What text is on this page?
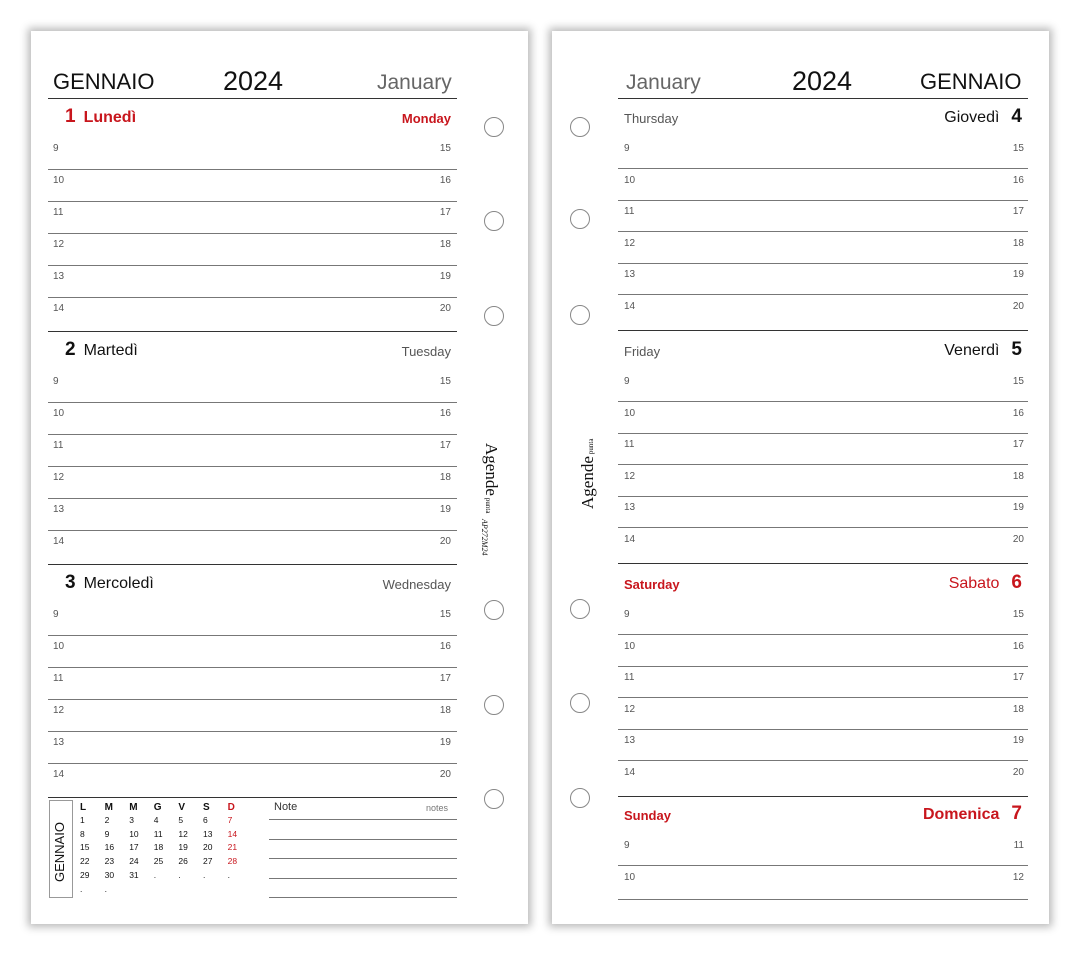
GENNAIO	2024	January
1 Lunedì	Monday
9	15
10	16
11	17
12	18
13	19
14	20
2 Martedì	Tuesday
9	15
10	16
11	17
12	18
13	19
14	20
3 Mercoledì	Wednesday
9	15
10	16
11	17
12	18
13	19
14	20
GENNAIO
L M M G V S D
1 2 3 4 5 6 7
8 9 10 11 12 13 14
15 16 17 18 19 20 21
22 23 24 25 26 27 28
29 30 31 .	.	.	.
.	.
Note	notes
Agendepunta
AP272M24
January	2024	GENNAIO
Thursday	Giovedì 4
9	15
10	16
11	17
12	18
13	19
14	20
Friday	Venerdì 5
9	15
10	16
11	17
12	18
13	19
14	20
Saturday	Sabato 6
9	15
10	16
11	17
12	18
13	19
14	20
Sunday	Domenica 7
9	11
10	12
Agendepunta
